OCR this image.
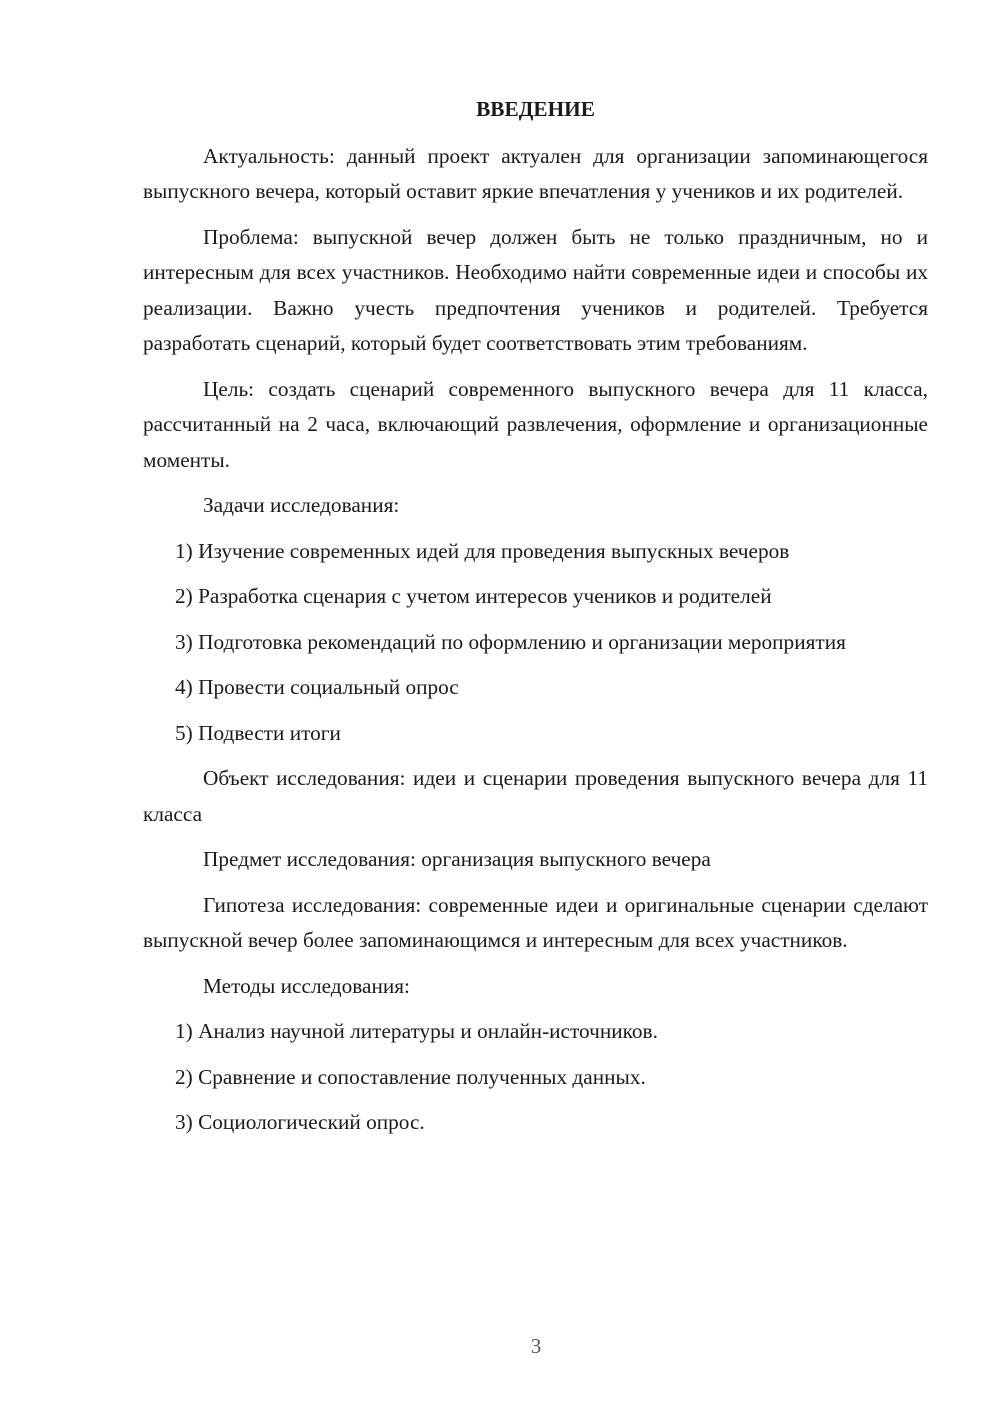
ВВЕДЕНИЕ

Актуальность: данный проект актуален для организации запоминающегося выпускного вечера, который оставит яркие впечатления у учеников и их родителей.

Проблема: выпускной вечер должен быть не только праздничным, но и интересным для всех участников. Необходимо найти современные идеи и способы их реализации. Важно учесть предпочтения учеников и родителей. Требуется разработать сценарий, который будет соответствовать этим требованиям.

Цель: создать сценарий современного выпускного вечера для 11 класса, рассчитанный на 2 часа, включающий развлечения, оформление и организационные моменты.

Задачи исследования:

1) Изучение современных идей для проведения выпускных вечеров

2) Разработка сценария с учетом интересов учеников и родителей

3) Подготовка рекомендаций по оформлению и организации мероприятия

4) Провести социальный опрос

5) Подвести итоги

Объект исследования: идеи и сценарии проведения выпускного вечера для 11 класса

Предмет исследования: организация выпускного вечера

Гипотеза исследования: современные идеи и оригинальные сценарии сделают выпускной вечер более запоминающимся и интересным для всех участников.

Методы исследования:

1) Анализ научной литературы и онлайн-источников.

2) Сравнение и сопоставление полученных данных.

3) Социологический опрос.

3
